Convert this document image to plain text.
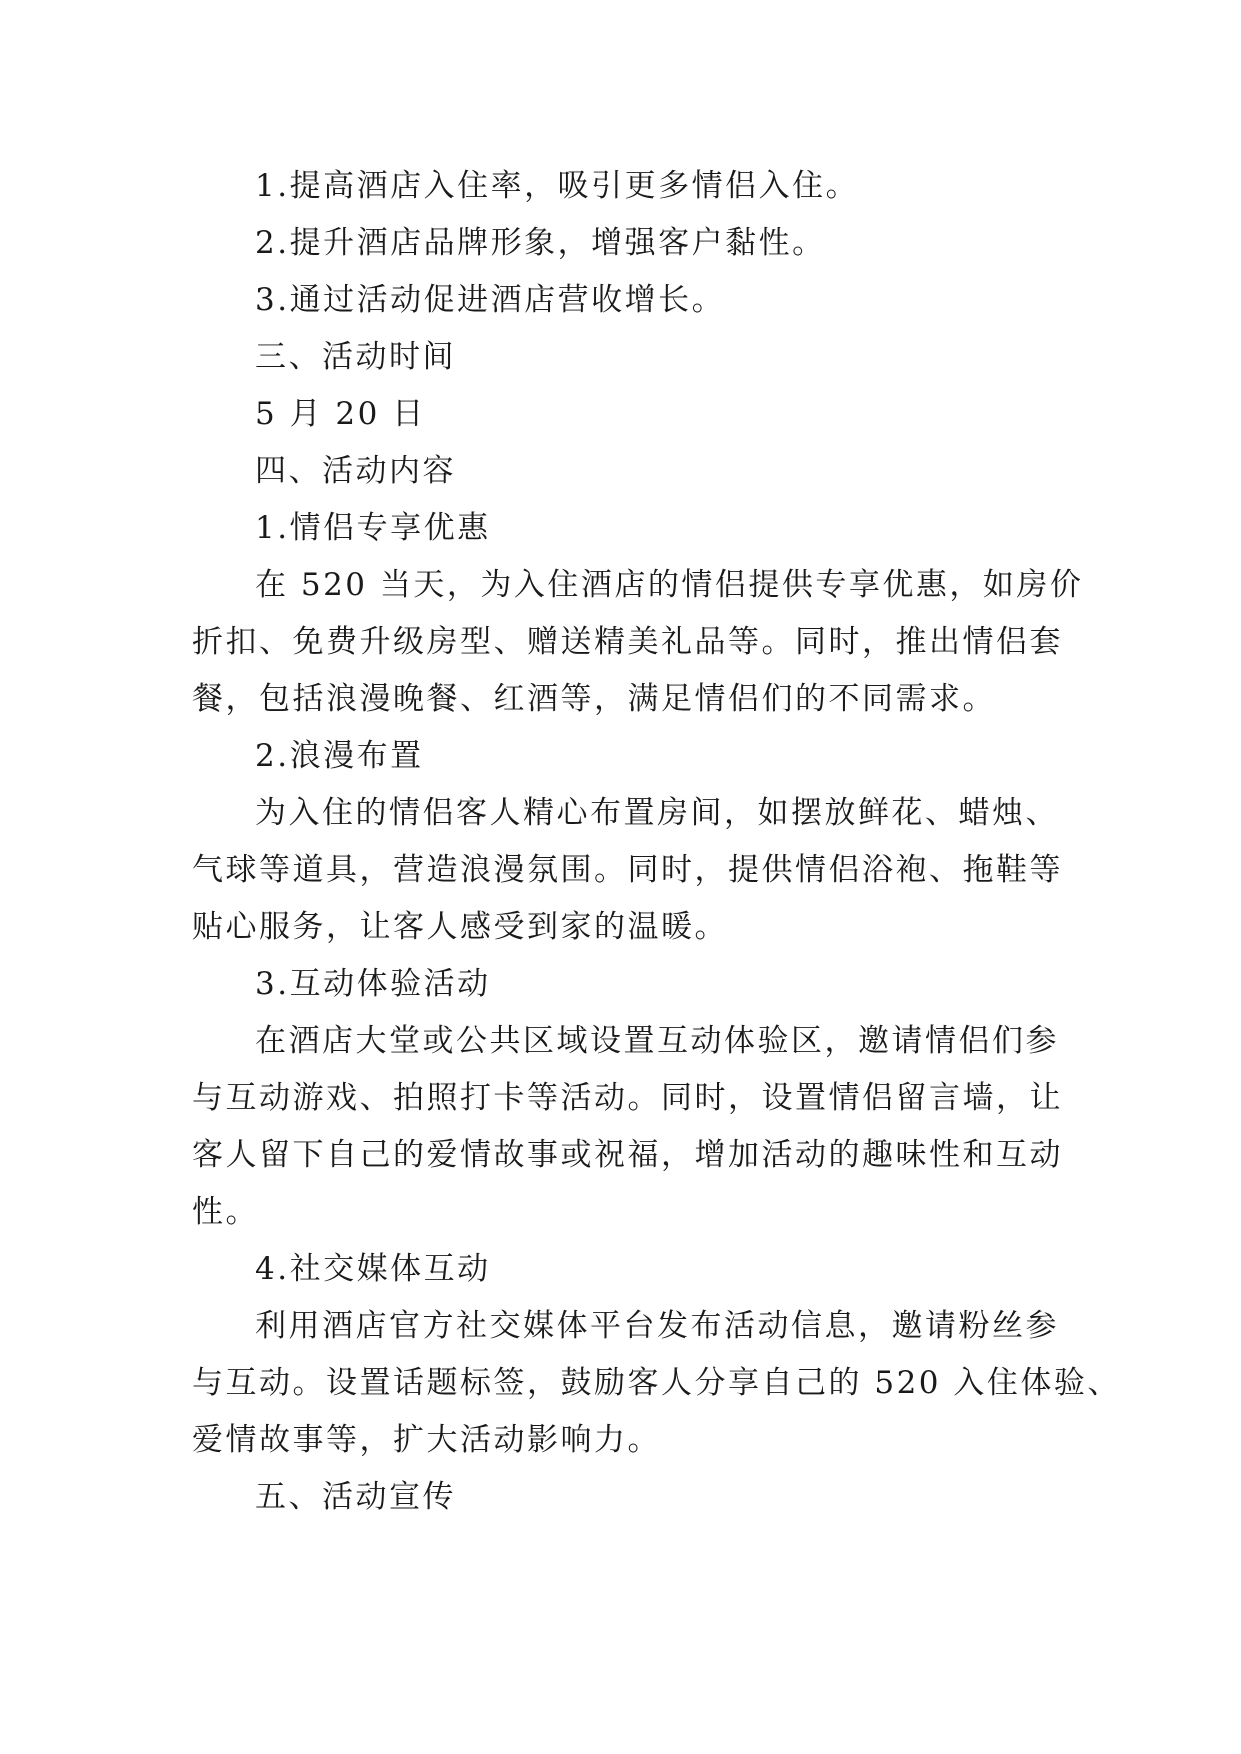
1.提高酒店入住率，吸引更多情侣入住。

2.提升酒店品牌形象，增强客户黏性。

3.通过活动促进酒店营收增长。

三、活动时间

5 月 20 日

四、活动内容

1.情侣专享优惠

在 520 当天，为入住酒店的情侣提供专享优惠，如房价

折扣、免费升级房型、赠送精美礼品等。同时，推出情侣套

餐，包括浪漫晚餐、红酒等，满足情侣们的不同需求。

2.浪漫布置

为入住的情侣客人精心布置房间，如摆放鲜花、蜡烛、

气球等道具，营造浪漫氛围。同时，提供情侣浴袍、拖鞋等

贴心服务，让客人感受到家的温暖。

3.互动体验活动

在酒店大堂或公共区域设置互动体验区，邀请情侣们参

与互动游戏、拍照打卡等活动。同时，设置情侣留言墙，让

客人留下自己的爱情故事或祝福，增加活动的趣味性和互动

性。

4.社交媒体互动

利用酒店官方社交媒体平台发布活动信息，邀请粉丝参

与互动。设置话题标签，鼓励客人分享自己的 520 入住体验、

爱情故事等，扩大活动影响力。

五、活动宣传
